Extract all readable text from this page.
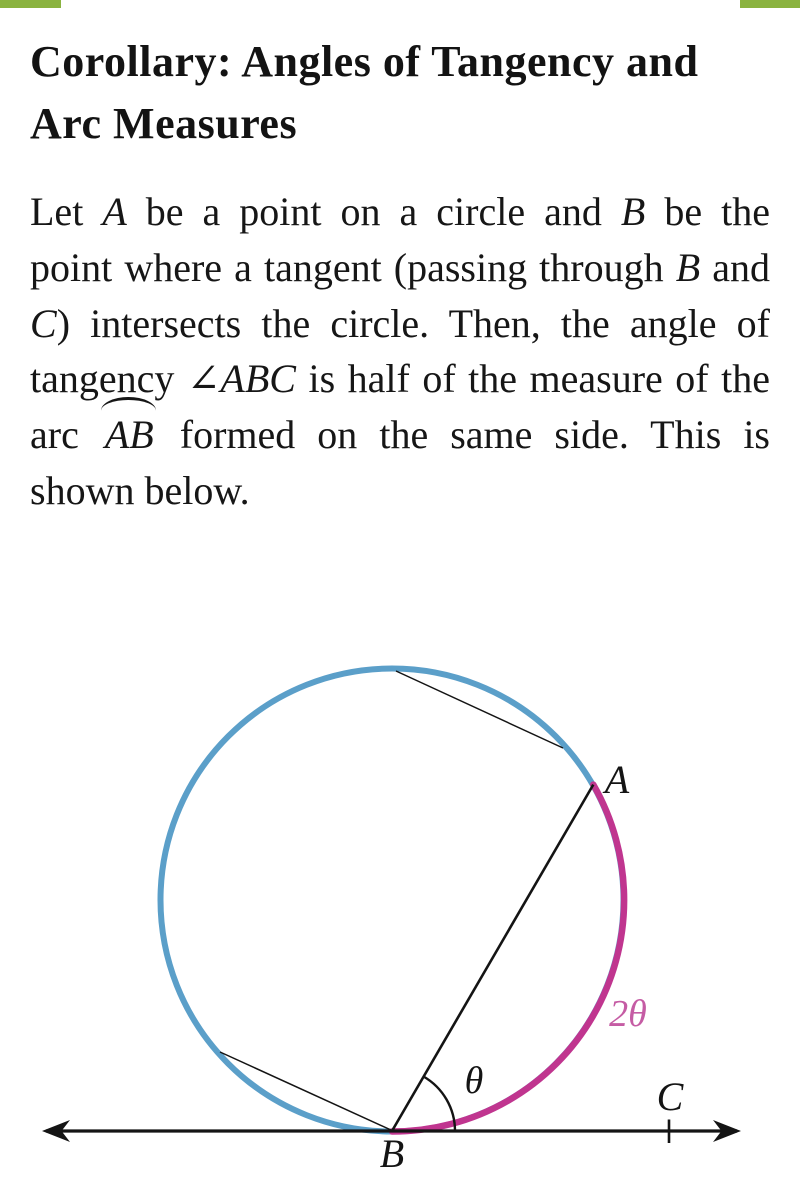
Corollary: Angles of Tangency and
Arc Measures
Let A be a point on a circle and B be the
point where a tangent (passing through B and
C) intersects the circle. Then, the angle of
tangency ∠ABC is half of the measure of the
arc AB formed on the same side. This is
shown below.
A
B
C
θ
2θ
